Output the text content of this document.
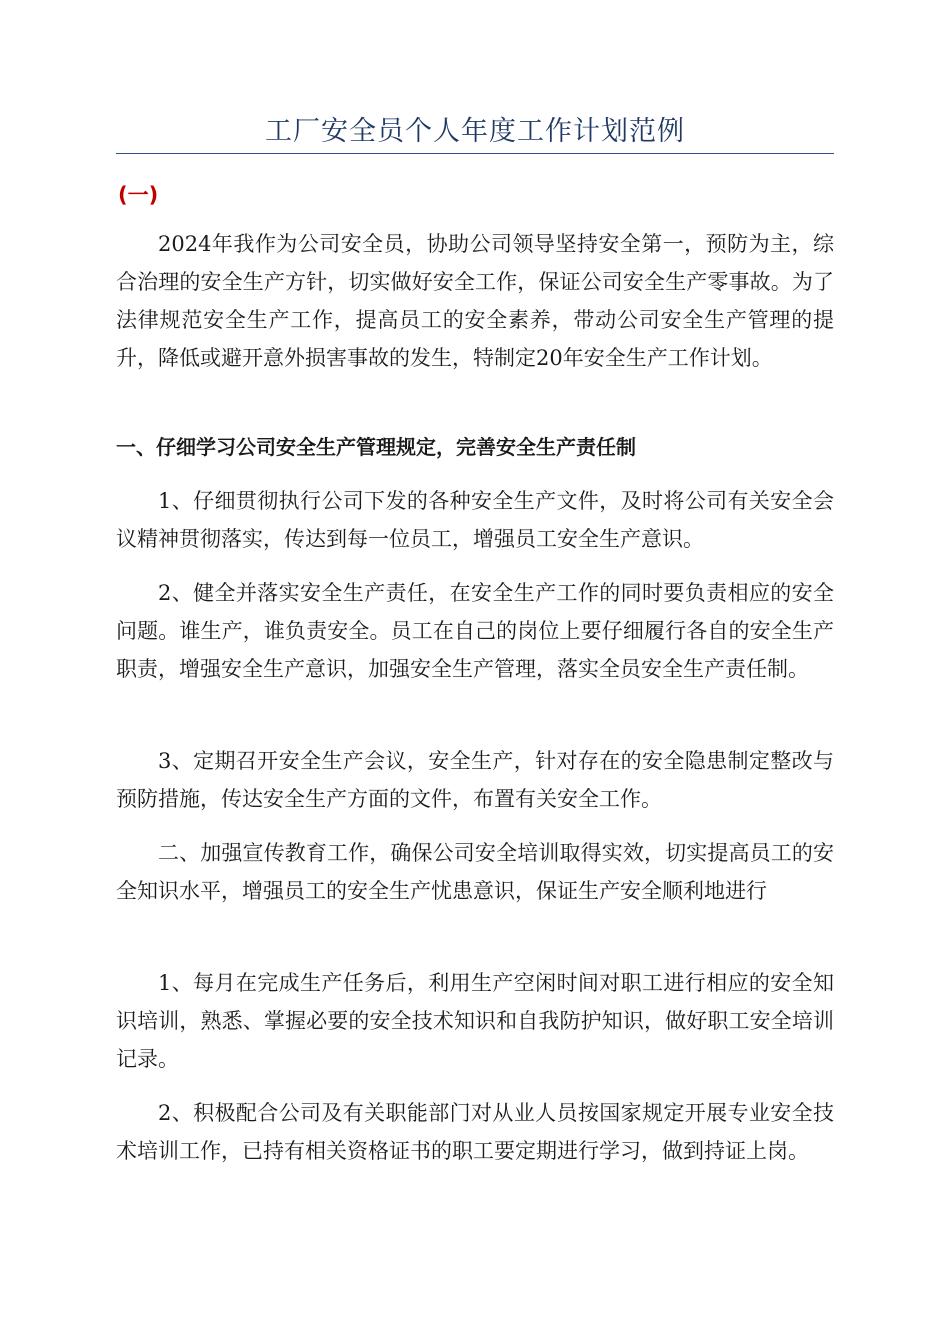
工厂安全员个人年度工作计划范例
(一)

2024年我作为公司安全员，协助公司领导坚持安全第一，预防为主，综合治理的安全生产方针，切实做好安全工作，保证公司安全生产零事故。为了法律规范安全生产工作，提高员工的安全素养，带动公司安全生产管理的提升，降低或避开意外损害事故的发生，特制定20年安全生产工作计划。

一、仔细学习公司安全生产管理规定，完善安全生产责任制

1、仔细贯彻执行公司下发的各种安全生产文件，及时将公司有关安全会议精神贯彻落实，传达到每一位员工，增强员工安全生产意识。

2、健全并落实安全生产责任，在安全生产工作的同时要负责相应的安全问题。谁生产，谁负责安全。员工在自己的岗位上要仔细履行各自的安全生产职责，增强安全生产意识，加强安全生产管理，落实全员安全生产责任制。

3、定期召开安全生产会议，安全生产，针对存在的安全隐患制定整改与预防措施，传达安全生产方面的文件，布置有关安全工作。

二、加强宣传教育工作，确保公司安全培训取得实效，切实提高员工的安全知识水平，增强员工的安全生产忧患意识，保证生产安全顺利地进行

1、每月在完成生产任务后，利用生产空闲时间对职工进行相应的安全知识培训，熟悉、掌握必要的安全技术知识和自我防护知识，做好职工安全培训记录。

2、积极配合公司及有关职能部门对从业人员按国家规定开展专业安全技术培训工作，已持有相关资格证书的职工要定期进行学习，做到持证上岗。
